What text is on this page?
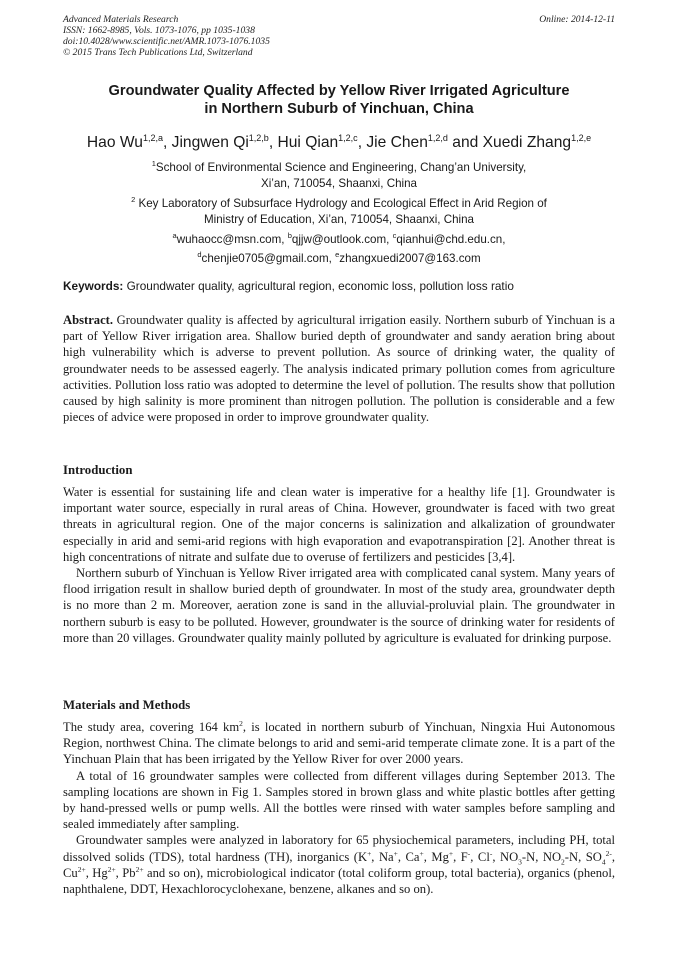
Advanced Materials Research
ISSN: 1662-8985, Vols. 1073-1076, pp 1035-1038
doi:10.4028/www.scientific.net/AMR.1073-1076.1035
© 2015 Trans Tech Publications Ltd, Switzerland
Online: 2014-12-11
Groundwater Quality Affected by Yellow River Irrigated Agriculture
in Northern Suburb of Yinchuan, China
Hao Wu$^{1,2,a}$, Jingwen Qi$^{1,2,b}$, Hui Qian$^{1,2,c}$, Jie Chen$^{1,2,d}$ and Xuedi Zhang$^{1,2,e}$
$^1$School of Environmental Science and Engineering, Chang’an University,
Xi’an, 710054, Shaanxi, China
$^2$ Key Laboratory of Subsurface Hydrology and Ecological Effect in Arid Region of
Ministry of Education, Xi’an, 710054, Shaanxi, China
$^a$wuhaocc@msn.com, $^b$qjjw@outlook.com, $^c$qianhui@chd.edu.cn,
$^d$chenjie0705@gmail.com, $^e$zhangxuedi2007@163.com
Keywords: Groundwater quality, agricultural region, economic loss, pollution loss ratio

Abstract. Groundwater quality is affected by agricultural irrigation easily. Northern suburb of Yinchuan is a part of Yellow River irrigation area. Shallow buried depth of groundwater and sandy aeration bring about high vulnerability which is adverse to prevent pollution. As source of drinking water, the quality of groundwater needs to be assessed eagerly. The analysis indicated primary pollution comes from agriculture activities. Pollution loss ratio was adopted to determine the level of pollution. The results show that pollution caused by high salinity is more prominent than nitrogen pollution. The pollution is considerable and a few pieces of advice were proposed in order to improve groundwater quality.

Introduction

Water is essential for sustaining life and clean water is imperative for a healthy life [1]. Groundwater is important water source, especially in rural areas of China. However, groundwater is faced with two great threats in agricultural region. One of the major concerns is salinization and alkalization of groundwater especially in arid and semi-arid regions with high evaporation and evapotranspiration [2]. Another threat is high concentrations of nitrate and sulfate due to overuse of fertilizers and pesticides [3,4].

Northern suburb of Yinchuan is Yellow River irrigated area with complicated canal system. Many years of flood irrigation result in shallow buried depth of groundwater. In most of the study area, groundwater depth is no more than 2 m. Moreover, aeration zone is sand in the alluvial-proluvial plain. The groundwater in northern suburb is easy to be polluted. However, groundwater is the source of drinking water for residents of more than 20 villages. Groundwater quality mainly polluted by agriculture is evaluated for drinking purpose.

Materials and Methods

The study area, covering 164 $km^2$, is located in northern suburb of Yinchuan, Ningxia Hui Autonomous Region, northwest China. The climate belongs to arid and semi-arid temperate climate zone. It is a part of the Yinchuan Plain that has been irrigated by the Yellow River for over 2000 years.

A total of 16 groundwater samples were collected from different villages during September 2013. The sampling locations are shown in Fig 1. Samples stored in brown glass and white plastic bottles after getting by hand-pressed wells or pump wells. All the bottles were rinsed with water samples before sampling and sealed immediately after sampling.

Groundwater samples were analyzed in laboratory for 65 physiochemical parameters, including PH, total dissolved solids (TDS), total hardness (TH), inorganics (K+, Na+, Ca+, Mg+, F-, Cl-, $NO_3-N$, $NO_2-N$, $SO_4^{2-}$, $Cu^{2+}$, $Hg^{2+}$, $Pb^{2+}$ and so on), microbiological indicator (total coliform group, total bacteria), organics (phenol, naphthalene, DDT, Hexachlorocyclohexane, benzene, alkanes and so on).
